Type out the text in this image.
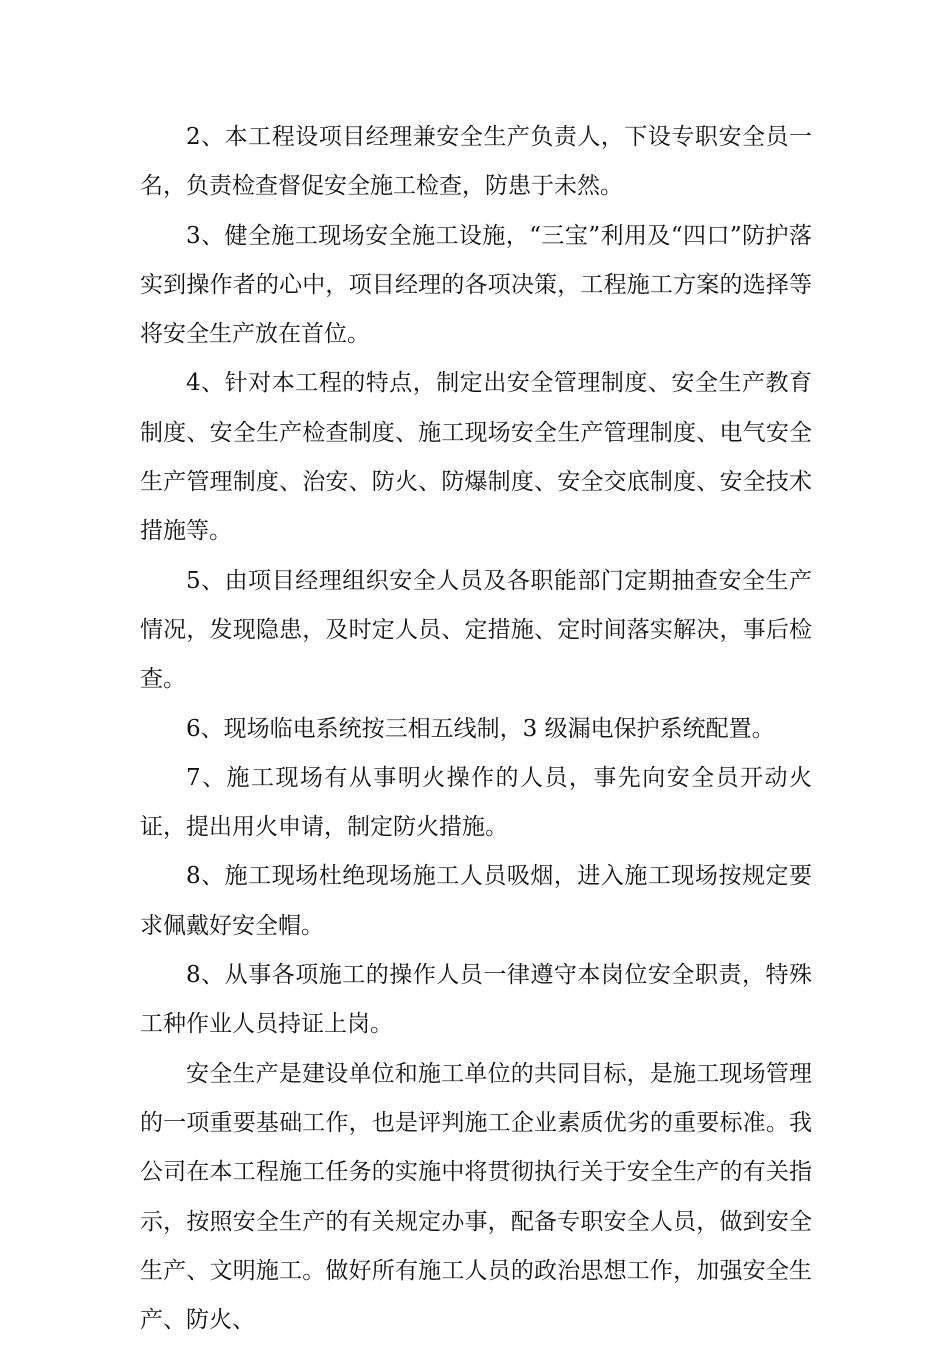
2、本工程设项目经理兼安全生产负责人，下设专职安全员一名，负责检查督促安全施工检查，防患于未然。

3、健全施工现场安全施工设施，“三宝”利用及“四口”防护落实到操作者的心中，项目经理的各项决策，工程施工方案的选择等将安全生产放在首位。

4、针对本工程的特点，制定出安全管理制度、安全生产教育制度、安全生产检查制度、施工现场安全生产管理制度、电气安全生产管理制度、治安、防火、防爆制度、安全交底制度、安全技术措施等。

5、由项目经理组织安全人员及各职能部门定期抽查安全生产情况，发现隐患，及时定人员、定措施、定时间落实解决，事后检查。

6、现场临电系统按三相五线制，3 级漏电保护系统配置。

7、施工现场有从事明火操作的人员，事先向安全员开动火证，提出用火申请，制定防火措施。

8、施工现场杜绝现场施工人员吸烟，进入施工现场按规定要求佩戴好安全帽。

8、从事各项施工的操作人员一律遵守本岗位安全职责，特殊工种作业人员持证上岗。

安全生产是建设单位和施工单位的共同目标，是施工现场管理的一项重要基础工作，也是评判施工企业素质优劣的重要标准。我公司在本工程施工任务的实施中将贯彻执行关于安全生产的有关指示，按照安全生产的有关规定办事，配备专职安全人员，做到安全生产、文明施工。做好所有施工人员的政治思想工作，加强安全生产、防火、
